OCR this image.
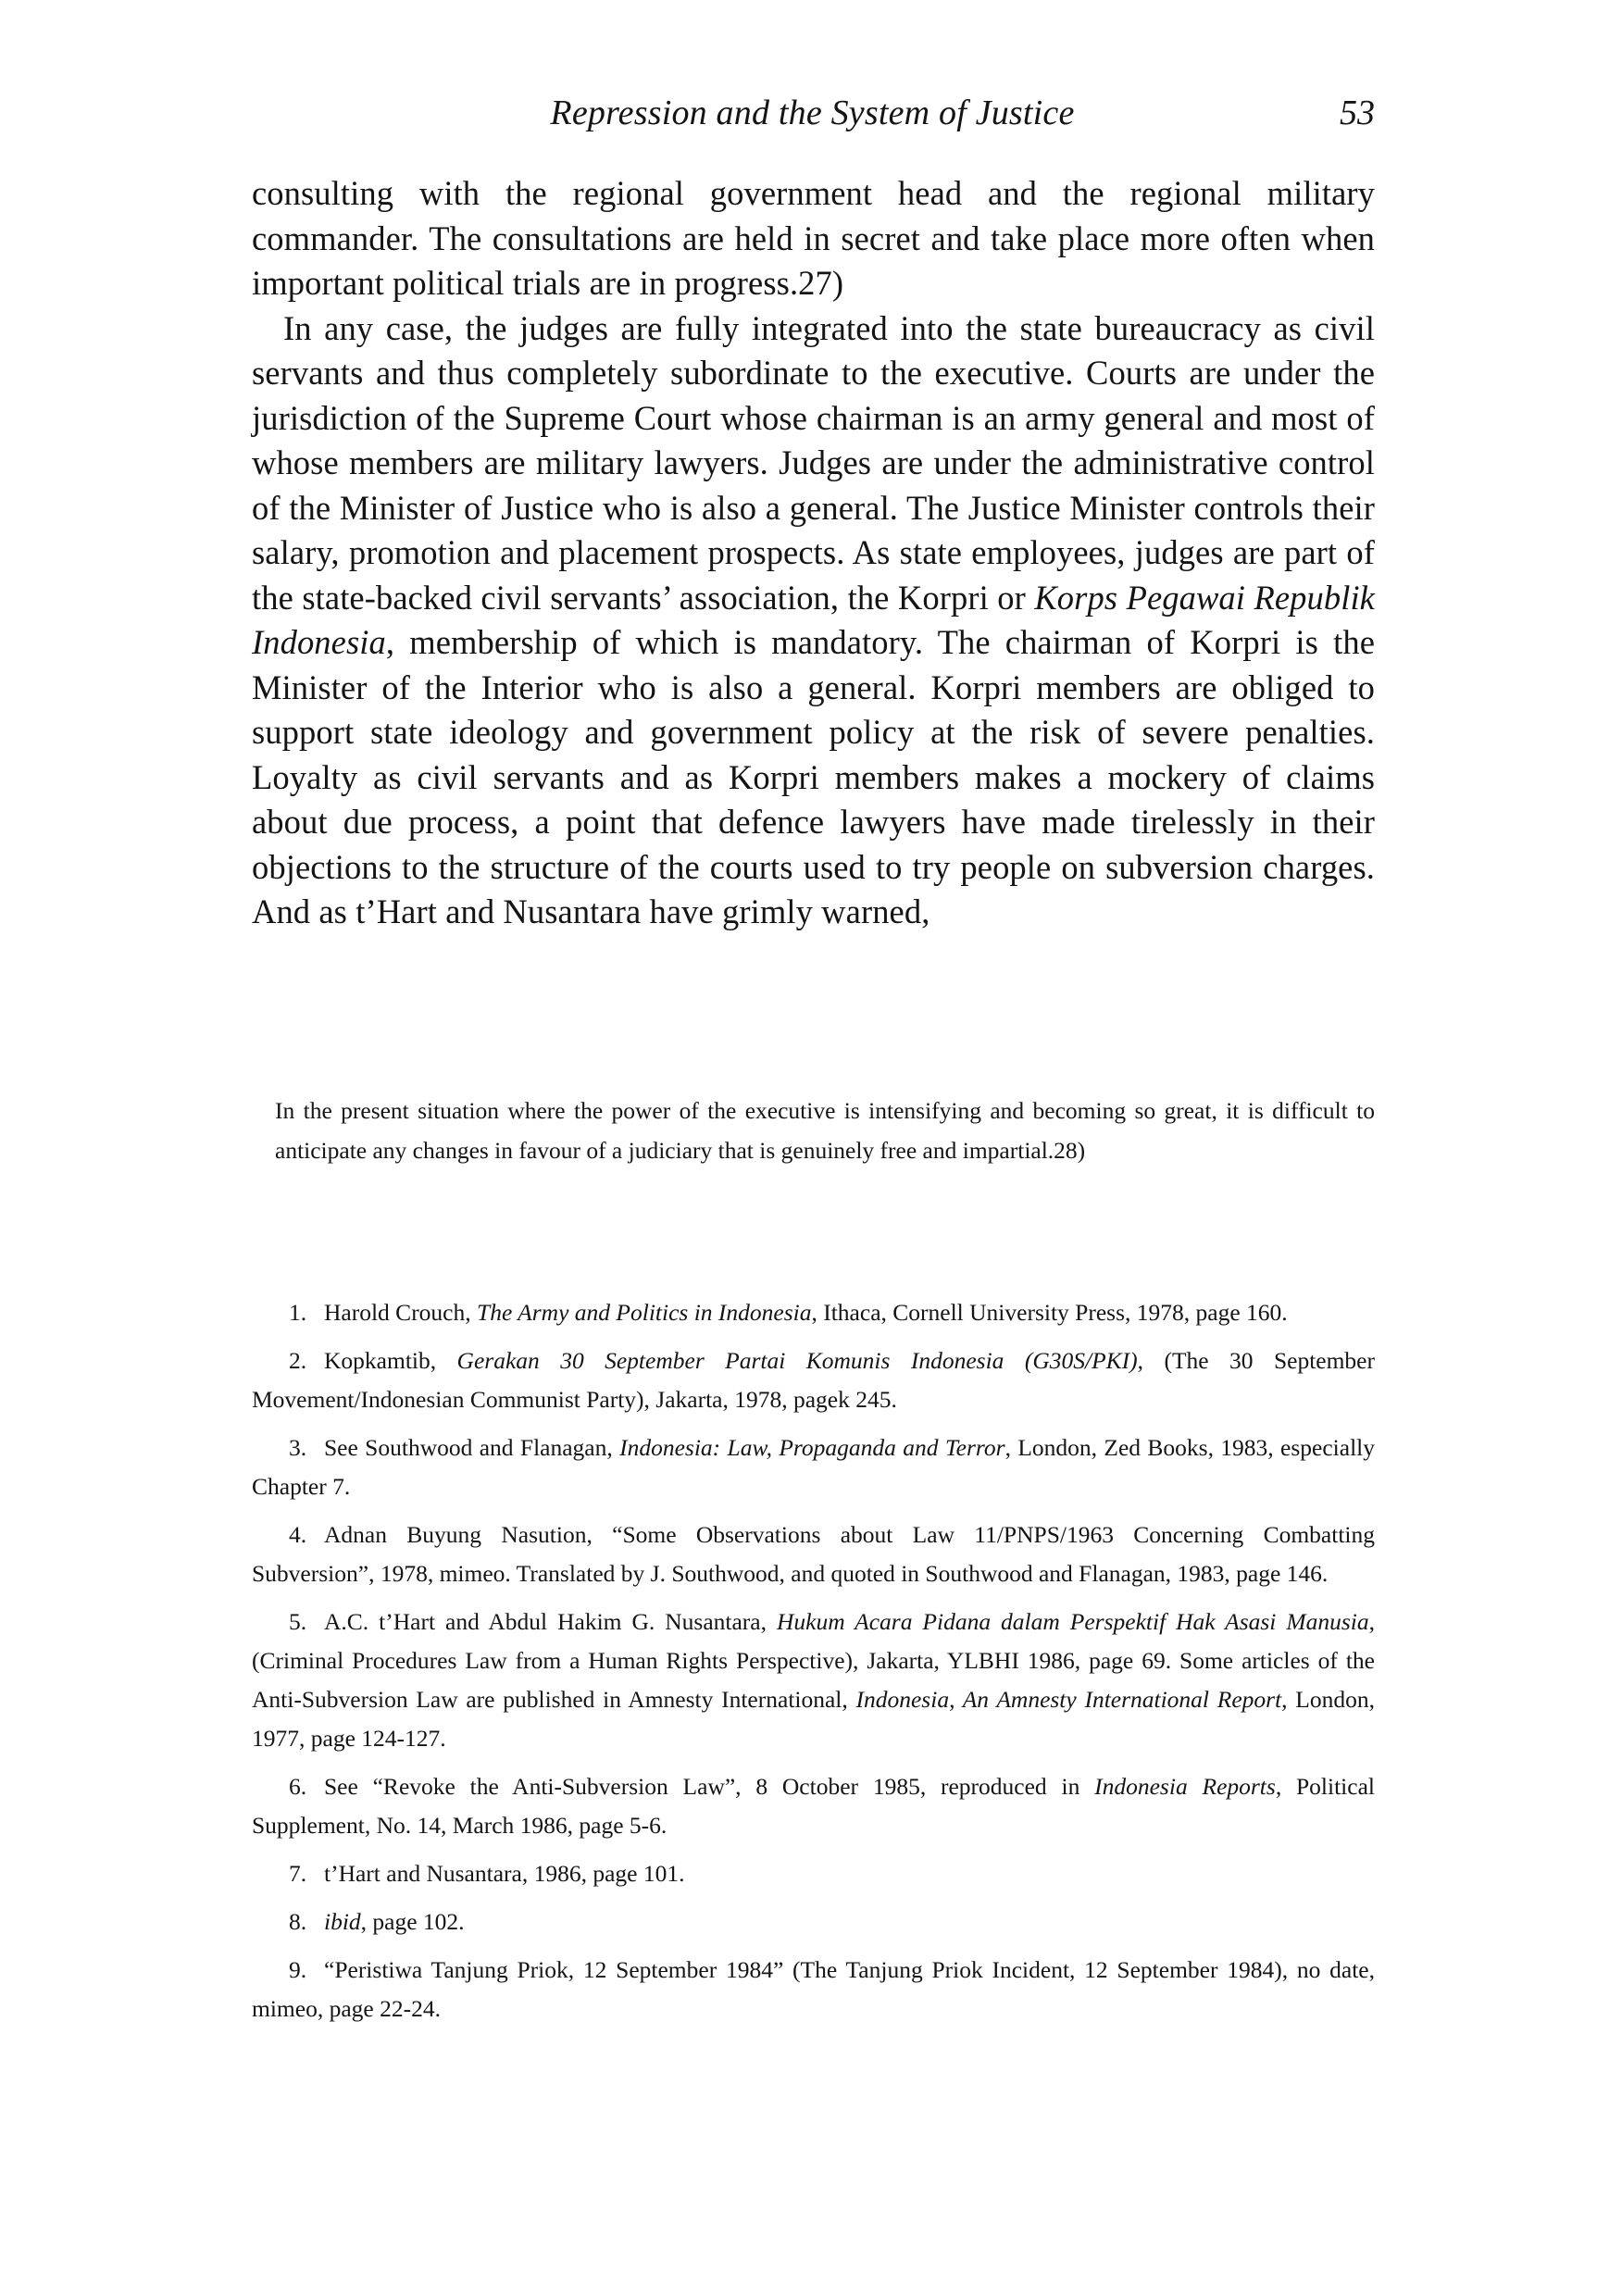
Repression and the System of Justice	53

consulting with the regional government head and the regional military commander. The consultations are held in secret and take place more often when important political trials are in progress.27)

In any case, the judges are fully integrated into the state bureaucracy as civil servants and thus completely subordinate to the executive. Courts are under the jurisdiction of the Supreme Court whose chairman is an army general and most of whose members are military lawyers. Judges are under the administrative control of the Minister of Justice who is also a general. The Justice Minister controls their salary, promotion and placement prospects. As state employees, judges are part of the state-backed civil servants’ association, the Korpri or Korps Pegawai Republik Indonesia, membership of which is mandatory. The chairman of Korpri is the Minister of the Interior who is also a general. Korpri members are obliged to support state ideology and government policy at the risk of severe penalties. Loyalty as civil servants and as Korpri members makes a mockery of claims about due process, a point that defence lawyers have made tirelessly in their objections to the structure of the courts used to try people on subversion charges. And as t’Hart and Nusantara have grimly warned,

In the present situation where the power of the executive is intensifying and becoming so great, it is difficult to anticipate any changes in favour of a judiciary that is genuinely free and impartial.28)

1. Harold Crouch, The Army and Politics in Indonesia, Ithaca, Cornell University Press, 1978, page 160.

2. Kopkamtib, Gerakan 30 September Partai Komunis Indonesia (G30S/PKI), (The 30 September Movement/Indonesian Communist Party), Jakarta, 1978, pagek 245.

3. See Southwood and Flanagan, Indonesia: Law, Propaganda and Terror, London, Zed Books, 1983, especially Chapter 7.

4. Adnan Buyung Nasution, “Some Observations about Law 11/PNPS/1963 Concerning Combatting Subversion”, 1978, mimeo. Translated by J. Southwood, and quoted in Southwood and Flanagan, 1983, page 146.

5. A.C. t’Hart and Abdul Hakim G. Nusantara, Hukum Acara Pidana dalam Perspektif Hak Asasi Manusia, (Criminal Procedures Law from a Human Rights Perspective), Jakarta, YLBHI 1986, page 69. Some articles of the Anti-Subversion Law are published in Amnesty International, Indonesia, An Amnesty International Report, London, 1977, page 124-127.

6. See “Revoke the Anti-Subversion Law”, 8 October 1985, reproduced in Indonesia Reports, Political Supplement, No. 14, March 1986, page 5-6.

7. t’Hart and Nusantara, 1986, page 101.

8. ibid, page 102.

9. “Peristiwa Tanjung Priok, 12 September 1984” (The Tanjung Priok Incident, 12 September 1984), no date, mimeo, page 22-24.
